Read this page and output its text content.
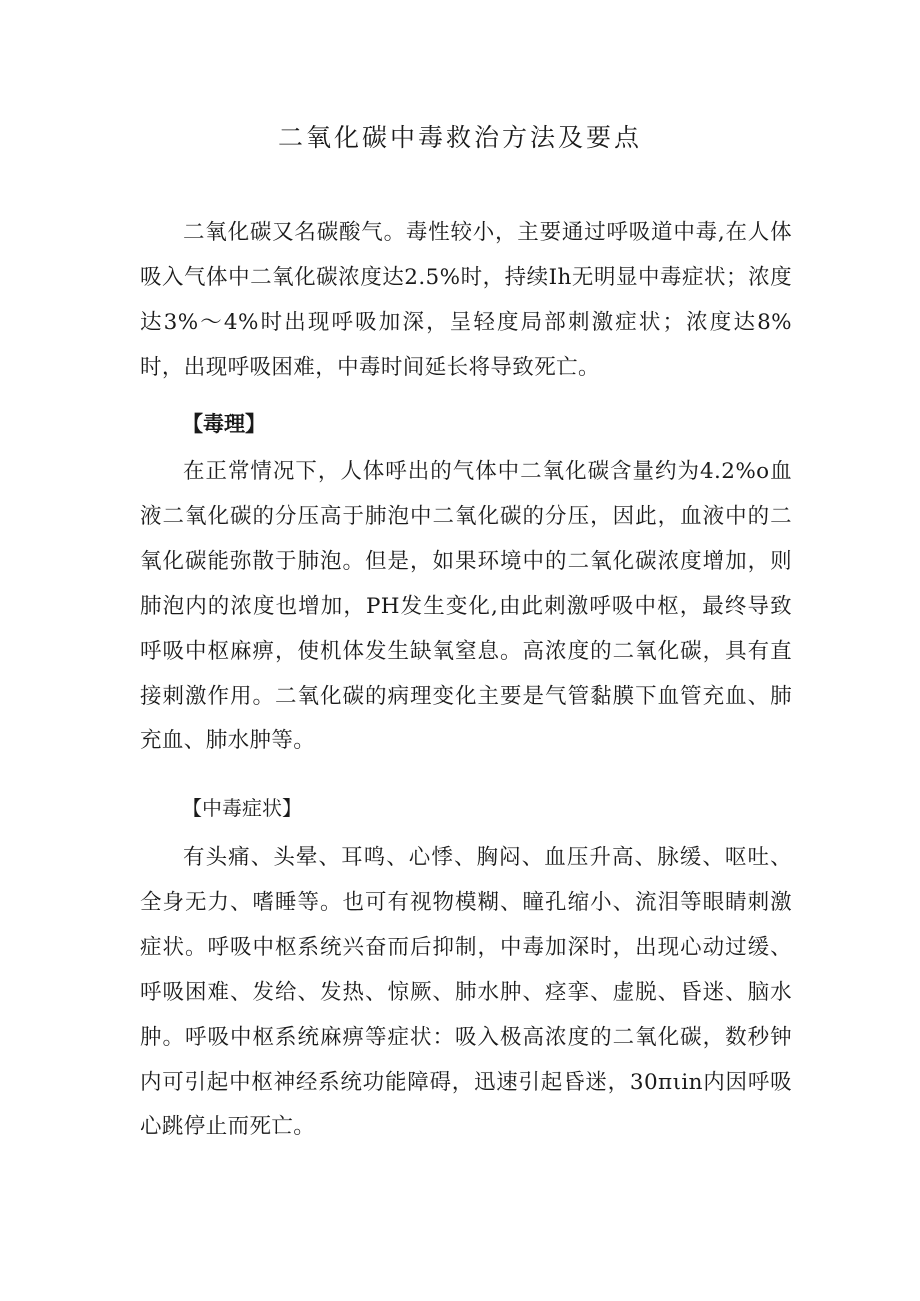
二氧化碳中毒救治方法及要点

二氧化碳又名碳酸气。毒性较小，主要通过呼吸道中毒,在人体吸入气体中二氧化碳浓度达2.5%时，持续Ih无明显中毒症状；浓度达3%～4%时出现呼吸加深，呈轻度局部刺激症状；浓度达8%时，出现呼吸困难，中毒时间延长将导致死亡。

【毒理】

在正常情况下，人体呼出的气体中二氧化碳含量约为4.2%o血液二氧化碳的分压高于肺泡中二氧化碳的分压，因此，血液中的二氧化碳能弥散于肺泡。但是，如果环境中的二氧化碳浓度增加，则肺泡内的浓度也增加，PH发生变化,由此刺激呼吸中枢，最终导致呼吸中枢麻痹，使机体发生缺氧窒息。高浓度的二氧化碳，具有直接刺激作用。二氧化碳的病理变化主要是气管黏膜下血管充血、肺充血、肺水肿等。

【中毒症状】

有头痛、头晕、耳鸣、心悸、胸闷、血压升高、脉缓、呕吐、全身无力、嗜睡等。也可有视物模糊、瞳孔缩小、流泪等眼睛刺激症状。呼吸中枢系统兴奋而后抑制，中毒加深时，出现心动过缓、呼吸困难、发给、发热、惊厥、肺水肿、痉挛、虚脱、昏迷、脑水肿。呼吸中枢系统麻痹等症状：吸入极高浓度的二氧化碳，数秒钟内可引起中枢神经系统功能障碍，迅速引起昏迷，30πιin内因呼吸心跳停止而死亡。
